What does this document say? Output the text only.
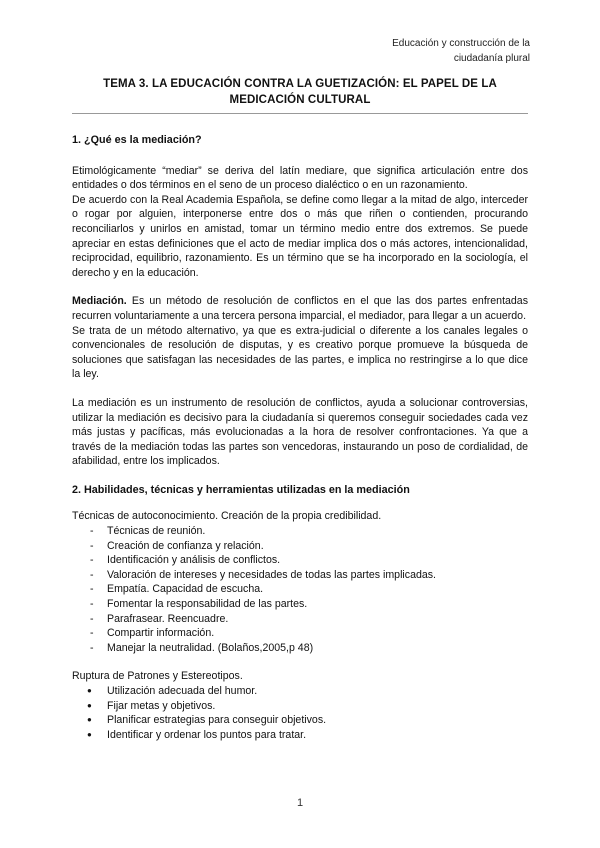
Educación y construcción de la
ciudadanía plural
TEMA 3. LA EDUCACIÓN CONTRA LA GUETIZACIÓN: EL PAPEL DE LA
MEDICACIÓN CULTURAL

1. ¿Qué es la mediación?

Etimológicamente “mediar” se deriva del latín mediare, que significa articulación entre dos entidades o dos términos en el seno de un proceso dialéctico o en un razonamiento.

De acuerdo con la Real Academia Española, se define como llegar a la mitad de algo, interceder o rogar por alguien, interponerse entre dos o más que riñen o contienden, procurando reconciliarlos y unirlos en amistad, tomar un término medio entre dos extremos. Se puede apreciar en estas definiciones que el acto de mediar implica dos o más actores, intencionalidad, reciprocidad, equilibrio, razonamiento. Es un término que se ha incorporado en la sociología, el derecho y en la educación.

Mediación. Es un método de resolución de conflictos en el que las dos partes enfrentadas recurren voluntariamente a una tercera persona imparcial, el mediador, para llegar a un acuerdo.

Se trata de un método alternativo, ya que es extra-judicial o diferente a los canales legales o convencionales de resolución de disputas, y es creativo porque promueve la búsqueda de soluciones que satisfagan las necesidades de las partes, e implica no restringirse a lo que dice la ley.

La mediación es un instrumento de resolución de conflictos, ayuda a solucionar controversias, utilizar la mediación es decisivo para la ciudadanía si queremos conseguir sociedades cada vez más justas y pacíficas, más evolucionadas a la hora de resolver confrontaciones. Ya que a través de la mediación todas las partes son vencedoras, instaurando un poso de cordialidad, de afabilidad, entre los implicados.

2. Habilidades, técnicas y herramientas utilizadas en la mediación

Técnicas de autoconocimiento. Creación de la propia credibilidad.

- Técnicas de reunión.
- Creación de confianza y relación.
- Identificación y análisis de conflictos.
- Valoración de intereses y necesidades de todas las partes implicadas.
- Empatía. Capacidad de escucha.
- Fomentar la responsabilidad de las partes.
- Parafrasear. Reencuadre.
- Compartir información.
- Manejar la neutralidad. (Bolaños,2005,p 48)

Ruptura de Patrones y Estereotipos.

● Utilización adecuada del humor.
● Fijar metas y objetivos.
● Planificar estrategias para conseguir objetivos.
● Identificar y ordenar los puntos para tratar.
1
